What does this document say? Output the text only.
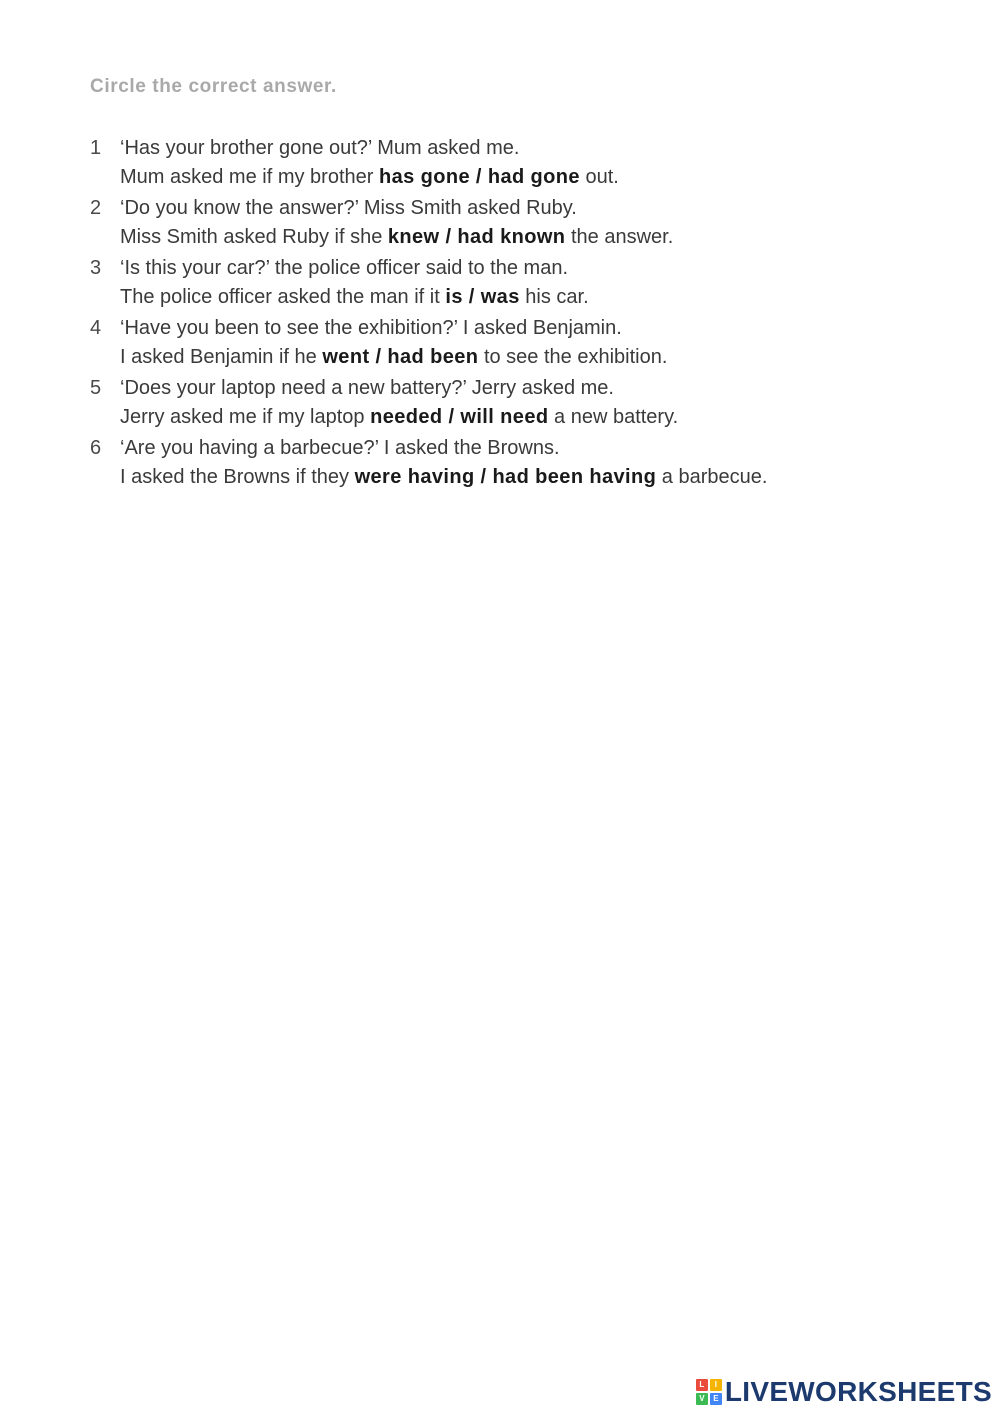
Circle the correct answer.

1 ‘Has your brother gone out?’ Mum asked me.
Mum asked me if my brother has gone / had gone out.
2 ‘Do you know the answer?’ Miss Smith asked Ruby.
Miss Smith asked Ruby if she knew / had known the answer.
3 ‘Is this your car?’ the police officer said to the man.
The police officer asked the man if it is / was his car.
4 ‘Have you been to see the exhibition?’ I asked Benjamin.
I asked Benjamin if he went / had been to see the exhibition.
5 ‘Does your laptop need a new battery?’ Jerry asked me.
Jerry asked me if my laptop needed / will need a new battery.
6 ‘Are you having a barbecue?’ I asked the Browns.
I asked the Browns if they were having / had been having a barbecue.
L	I
V	E LIVEWORKSHEETS
